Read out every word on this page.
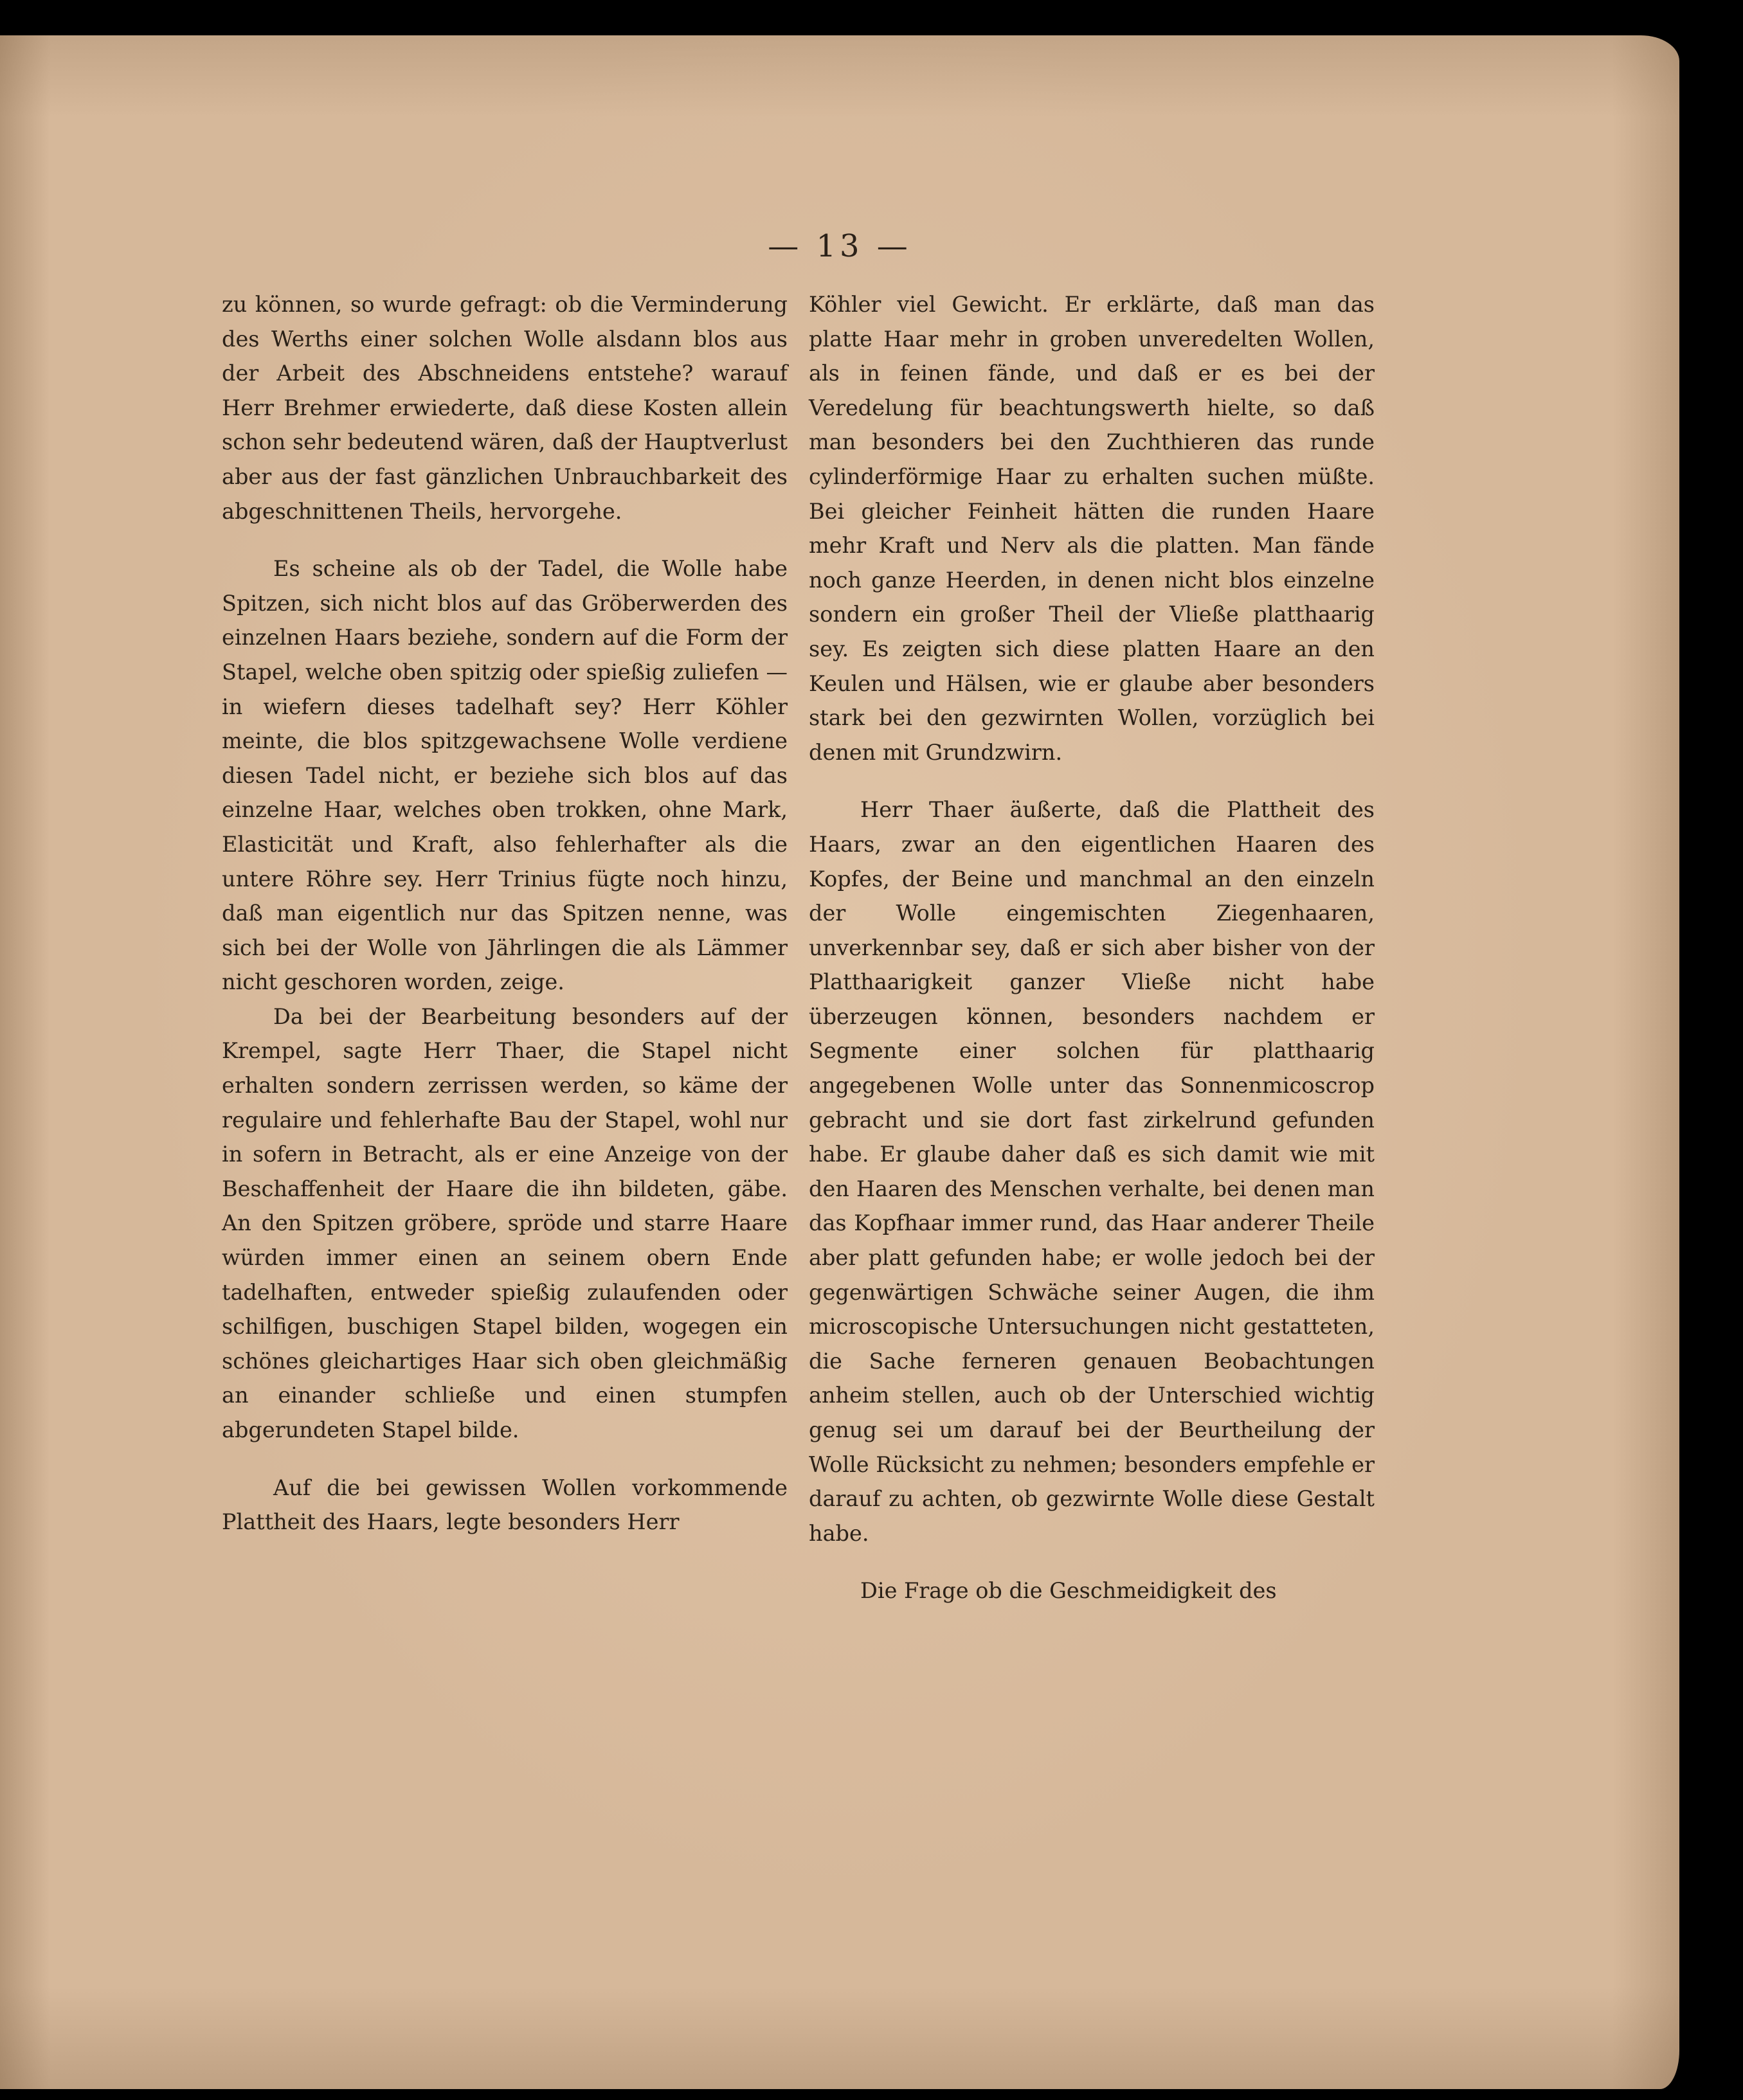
— 13 —

zu können, so wurde gefragt: ob die Verminderung des Werths einer solchen Wolle alsdann blos aus der Arbeit des Abschneidens entstehe? warauf Herr Brehmer erwiederte, daß diese Kosten allein schon sehr bedeutend wären, daß der Hauptverlust aber aus der fast gänzlichen Unbrauchbarkeit des abgeschnittenen Theils, hervorgehe.

Es scheine als ob der Tadel, die Wolle habe Spitzen, sich nicht blos auf das Gröberwerden des einzelnen Haars beziehe, sondern auf die Form der Stapel, welche oben spitzig oder spießig zuliefen — in wiefern dieses tadelhaft sey? Herr Köhler meinte, die blos spitzgewachsene Wolle verdiene diesen Tadel nicht, er beziehe sich blos auf das einzelne Haar, welches oben trokken, ohne Mark, Elasticität und Kraft, also fehlerhafter als die untere Röhre sey. Herr Trinius fügte noch hinzu, daß man eigentlich nur das Spitzen nenne, was sich bei der Wolle von Jährlingen die als Lämmer nicht geschoren worden, zeige.

Da bei der Bearbeitung besonders auf der Krempel, sagte Herr Thaer, die Stapel nicht erhalten sondern zerrissen werden, so käme der regulaire und fehlerhafte Bau der Stapel, wohl nur in sofern in Betracht, als er eine Anzeige von der Beschaffenheit der Haare die ihn bildeten, gäbe. An den Spitzen gröbere, spröde und starre Haare würden immer einen an seinem obern Ende tadelhaften, entweder spießig zulaufenden oder schilfigen, buschigen Stapel bilden, wogegen ein schönes gleichartiges Haar sich oben gleichmäßig an einander schließe und einen stumpfen abgerundeten Stapel bilde.

Auf die bei gewissen Wollen vorkommende Plattheit des Haars, legte besonders Herr

Köhler viel Gewicht. Er erklärte, daß man das platte Haar mehr in groben unveredelten Wollen, als in feinen fände, und daß er es bei der Veredelung für beachtungswerth hielte, so daß man besonders bei den Zuchthieren das runde cylinderförmige Haar zu erhalten suchen müßte. Bei gleicher Feinheit hätten die runden Haare mehr Kraft und Nerv als die platten. Man fände noch ganze Heerden, in denen nicht blos einzelne sondern ein großer Theil der Vließe platthaarig sey. Es zeigten sich diese platten Haare an den Keulen und Hälsen, wie er glaube aber besonders stark bei den gezwirnten Wollen, vorzüglich bei denen mit Grundzwirn.

Herr Thaer äußerte, daß die Plattheit des Haars, zwar an den eigentlichen Haaren des Kopfes, der Beine und manchmal an den einzeln der Wolle eingemischten Ziegenhaaren, unverkennbar sey, daß er sich aber bisher von der Platthaarigkeit ganzer Vließe nicht habe überzeugen können, besonders nachdem er Segmente einer solchen für platthaarig angegebenen Wolle unter das Sonnenmicoscrop gebracht und sie dort fast zirkelrund gefunden habe. Er glaube daher daß es sich damit wie mit den Haaren des Menschen verhalte, bei denen man das Kopfhaar immer rund, das Haar anderer Theile aber platt gefunden habe; er wolle jedoch bei der gegenwärtigen Schwäche seiner Augen, die ihm microscopische Untersuchungen nicht gestatteten, die Sache ferneren genauen Beobachtungen anheim stellen, auch ob der Unterschied wichtig genug sei um darauf bei der Beurtheilung der Wolle Rücksicht zu nehmen; besonders empfehle er darauf zu achten, ob gezwirnte Wolle diese Gestalt habe.

Die Frage ob die Geschmeidigkeit des
